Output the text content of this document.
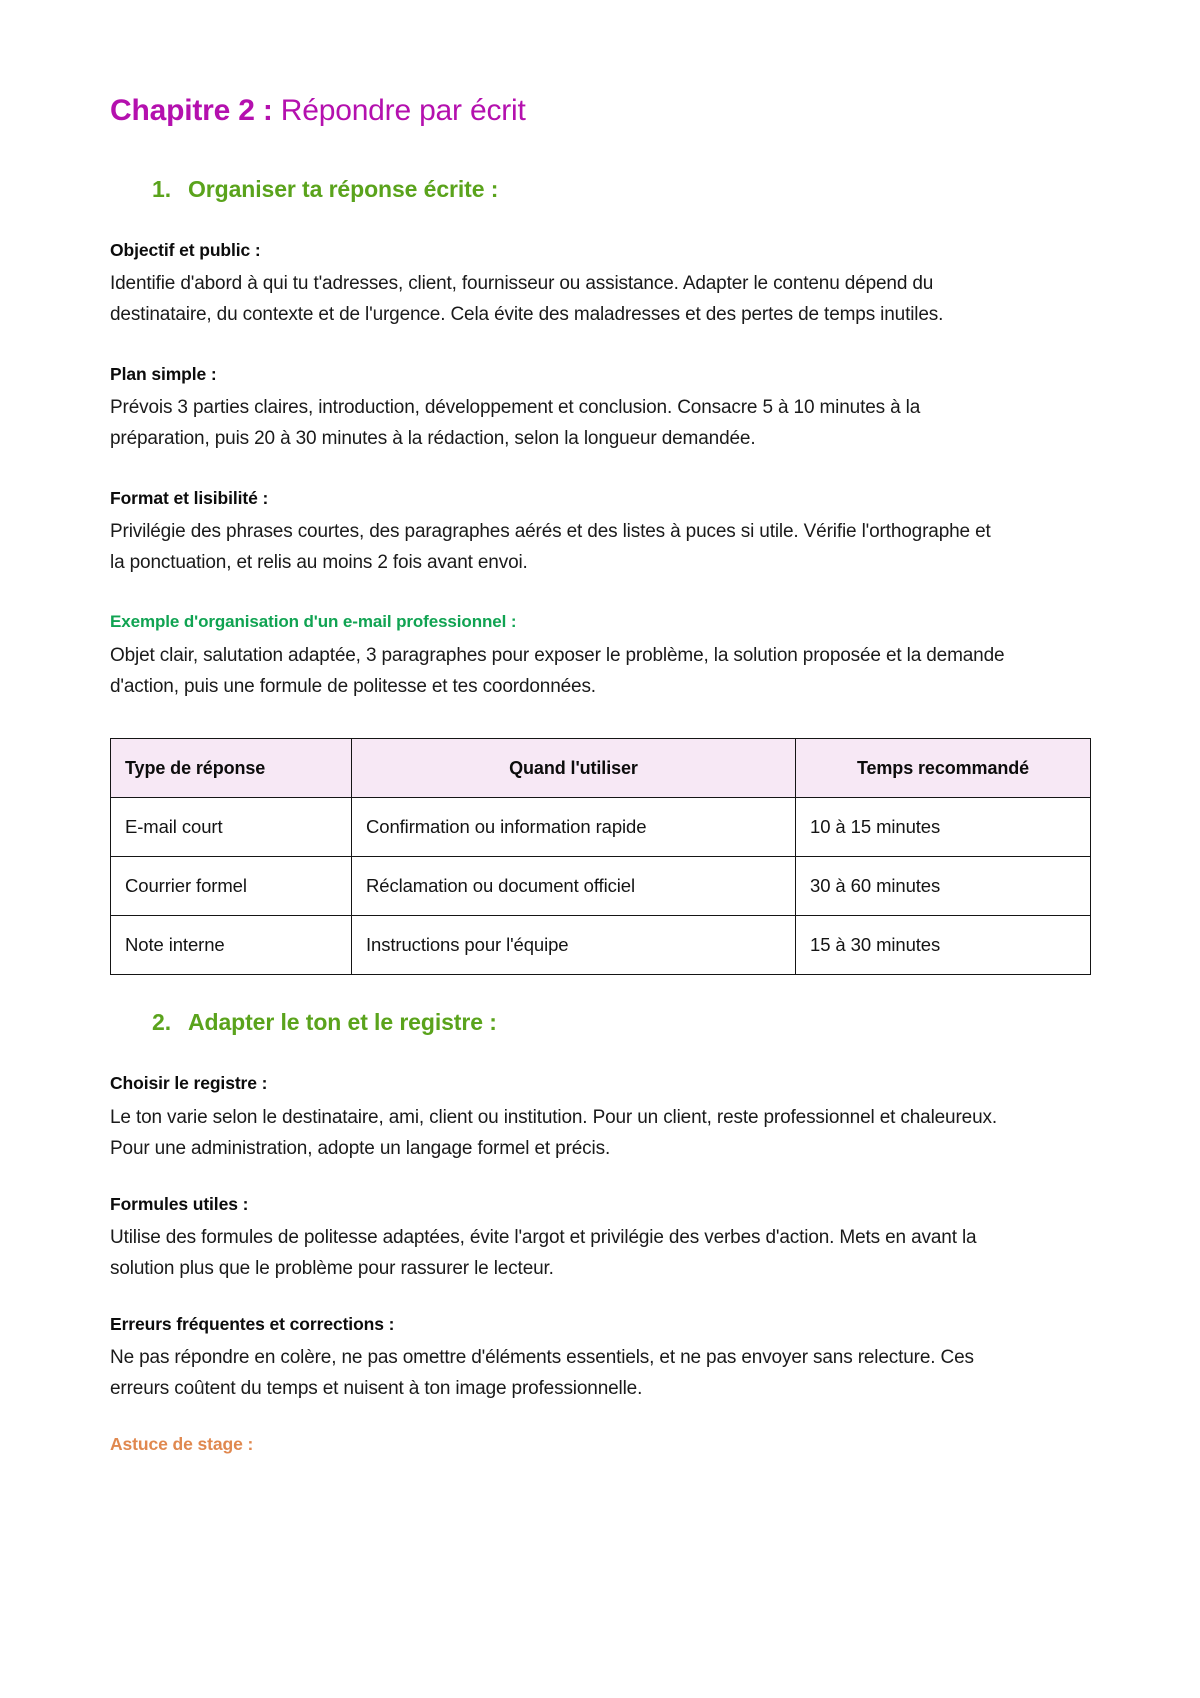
Chapitre 2 : Répondre par écrit
1. Organiser ta réponse écrite :
Objectif et public :

Identifie d'abord à qui tu t'adresses, client, fournisseur ou assistance. Adapter le contenu dépend du destinataire, du contexte et de l'urgence. Cela évite des maladresses et des pertes de temps inutiles.

Plan simple :

Prévois 3 parties claires, introduction, développement et conclusion. Consacre 5 à 10 minutes à la préparation, puis 20 à 30 minutes à la rédaction, selon la longueur demandée.

Format et lisibilité :

Privilégie des phrases courtes, des paragraphes aérés et des listes à puces si utile. Vérifie l'orthographe et la ponctuation, et relis au moins 2 fois avant envoi.

Exemple d'organisation d'un e-mail professionnel :

Objet clair, salutation adaptée, 3 paragraphes pour exposer le problème, la solution proposée et la demande d'action, puis une formule de politesse et tes coordonnées.

Type de réponse	Quand l'utiliser	Temps recommandé
E-mail court	Confirmation ou information rapide	10 à 15 minutes
Courrier formel	Réclamation ou document officiel	30 à 60 minutes
Note interne	Instructions pour l'équipe	15 à 30 minutes
2. Adapter le ton et le registre :
Choisir le registre :

Le ton varie selon le destinataire, ami, client ou institution. Pour un client, reste professionnel et chaleureux. Pour une administration, adopte un langage formel et précis.

Formules utiles :

Utilise des formules de politesse adaptées, évite l'argot et privilégie des verbes d'action. Mets en avant la solution plus que le problème pour rassurer le lecteur.

Erreurs fréquentes et corrections :

Ne pas répondre en colère, ne pas omettre d'éléments essentiels, et ne pas envoyer sans relecture. Ces erreurs coûtent du temps et nuisent à ton image professionnelle.

Astuce de stage :
